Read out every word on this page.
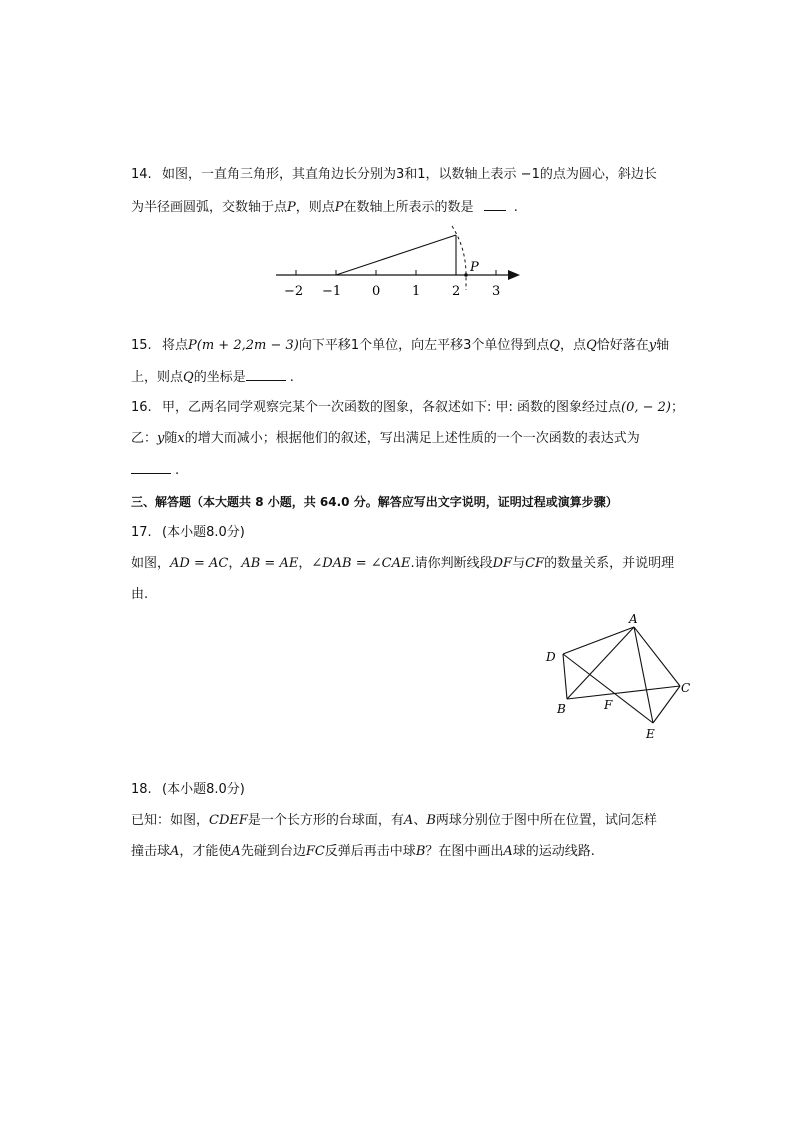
14. 如图，一直角三角形，其直角边长分别为3和1，以数轴上表示 −1的点为圆心，斜边长
为半径画圆弧，交数轴于点P，则点P在数轴上所表示的数是	.
−2 −1 0 1 2 3
P
15. 将点P(m + 2,2m − 3)向下平移1个单位，向左平移3个单位得到点Q，点Q恰好落在y轴
上，则点Q的坐标是	.
16. 甲，乙两名同学观察完某个一次函数的图象，各叙述如下: 甲: 函数的图象经过点(0, − 2)；
乙：y随x的增大而减小；根据他们的叙述，写出满足上述性质的一个一次函数的表达式为
.
三、解答题（本大题共 8 小题，共 64.0 分。解答应写出文字说明，证明过程或演算步骤）
17. (本小题8.0分)
如图，AD = AC，AB = AE，∠DAB = ∠CAE.请你判断线段DF与CF的数量关系，并说明理
由.
A
D
C
B	F
E
18. (本小题8.0分)
已知：如图，CDEF是一个长方形的台球面，有A、B两球分别位于图中所在位置，试问怎样
撞击球A，才能使A先碰到台边FC反弹后再击中球B？在图中画出A球的运动线路.
